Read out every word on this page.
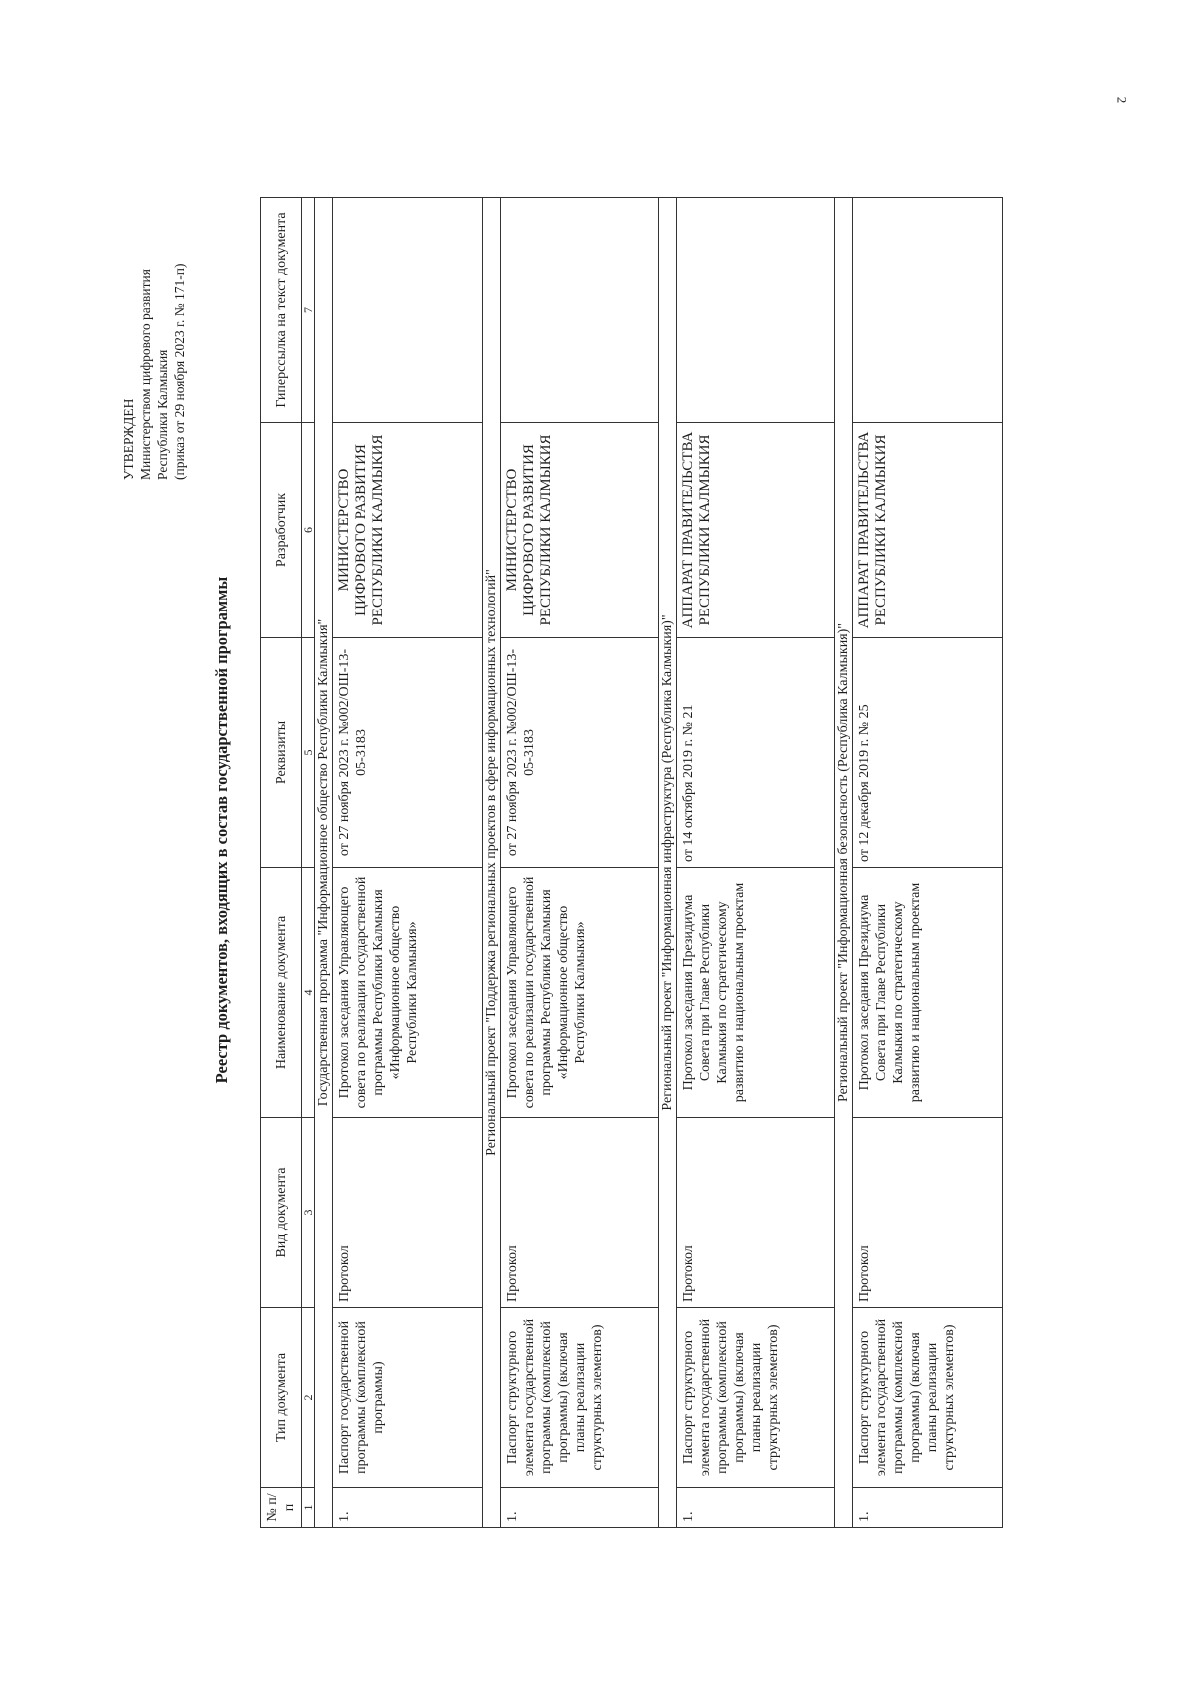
2
УТВЕРЖДЕН Министерством цифрового развития Республики Калмыкия (приказ от 29 ноября 2023 г. № 171-п)
Реестр документов, входящих в состав государственной программы
№ п/п	Тип документа	Вид документа	Наименование документа	Реквизиты	Разработчик	Гиперссылка на текст документа
1	2	3	4	5	6	7
Государственная программа "Информационное общество Республики Калмыкия"						
1.	Паспорт государственной программы (комплексной программы)	Протокол	Протокол заседания Управляющего совета по реализации государственной программы Республики Калмыкия «Информационное общество Республики Калмыкия»	от 27 ноября 2023 г. №002/ОШ-13-05-3183	МИНИСТЕРСТВО ЦИФРОВОГО РАЗВИТИЯ РЕСПУБЛИКИ КАЛМЫКИЯ	
Региональный проект "Поддержка региональных проектов в сфере информационных технологий"						
1.	Паспорт структурного элемента государственной программы (комплексной программы) (включая планы реализации структурных элементов)	Протокол	Протокол заседания Управляющего совета по реализации государственной программы Республики Калмыкия «Информационное общество Республики Калмыкия»	от 27 ноября 2023 г. №002/ОШ-13-05-3183	МИНИСТЕРСТВО ЦИФРОВОГО РАЗВИТИЯ РЕСПУБЛИКИ КАЛМЫКИЯ	
Региональный проект "Информационная инфраструктура (Республика Калмыкия)"						
1.	Паспорт структурного элемента государственной программы (комплексной программы) (включая планы реализации структурных элементов)	Протокол	Протокол заседания Президиума Совета при Главе Республики Калмыкия по стратегическому развитию и национальным проектам	от 14 октября 2019 г. № 21	АППАРАТ ПРАВИТЕЛЬСТВА РЕСПУБЛИКИ КАЛМЫКИЯ	
Региональный проект "Информационная безопасность (Республика Калмыкия)"						
1.	Паспорт структурного элемента государственной программы (комплексной программы) (включая планы реализации структурных элементов)	Протокол	Протокол заседания Президиума Совета при Главе Республики Калмыкия по стратегическому развитию и национальным проектам	от 12 декабря 2019 г. № 25	АППАРАТ ПРАВИТЕЛЬСТВА РЕСПУБЛИКИ КАЛМЫКИЯ	
